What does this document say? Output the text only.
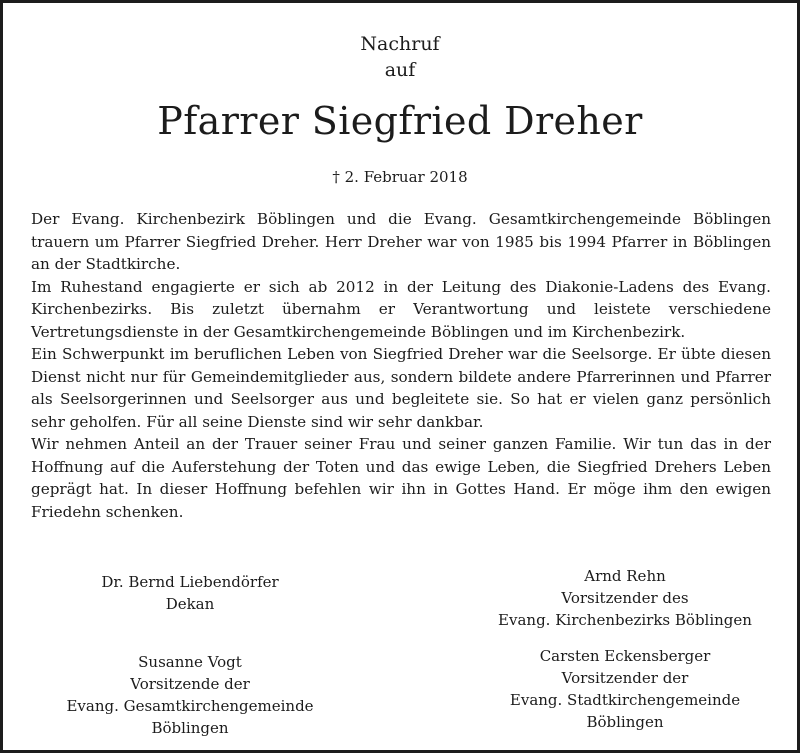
Nachruf
auf
Pfarrer Siegfried Dreher
† 2. Februar 2018

Der Evang. Kirchenbezirk Böblingen und die Evang. Gesamtkirchengemeinde Böblingen trauern um Pfarrer Siegfried Dreher. Herr Dreher war von 1985 bis 1994 Pfarrer in Böblingen an der Stadtkirche.

Im Ruhestand engagierte er sich ab 2012 in der Leitung des Diakonie-Ladens des Evang. Kirchenbezirks. Bis zuletzt übernahm er Verantwortung und leistete verschiedene Vertretungsdienste in der Gesamtkirchengemeinde Böblingen und im Kirchenbezirk.

Ein Schwerpunkt im beruflichen Leben von Siegfried Dreher war die Seelsorge. Er übte diesen Dienst nicht nur für Gemeindemitglieder aus, sondern bildete andere Pfarrerinnen und Pfarrer als Seelsorgerinnen und Seelsorger aus und begleitete sie. So hat er vielen ganz persönlich sehr geholfen. Für all seine Dienste sind wir sehr dankbar.

Wir nehmen Anteil an der Trauer seiner Frau und seiner ganzen Familie. Wir tun das in der Hoffnung auf die Auferstehung der Toten und das ewige Leben, die Siegfried Drehers Leben geprägt hat. In dieser Hoffnung befehlen wir ihn in Gottes Hand. Er möge ihm den ewigen Friedehn schenken.

Dr. Bernd Liebendörfer
Dekan
Arnd Rehn
Vorsitzender des
Evang. Kirchenbezirks Böblingen
Susanne Vogt
Vorsitzende der
Evang. Gesamtkirchengemeinde
Böblingen
Carsten Eckensberger
Vorsitzender der
Evang. Stadtkirchengemeinde
Böblingen
